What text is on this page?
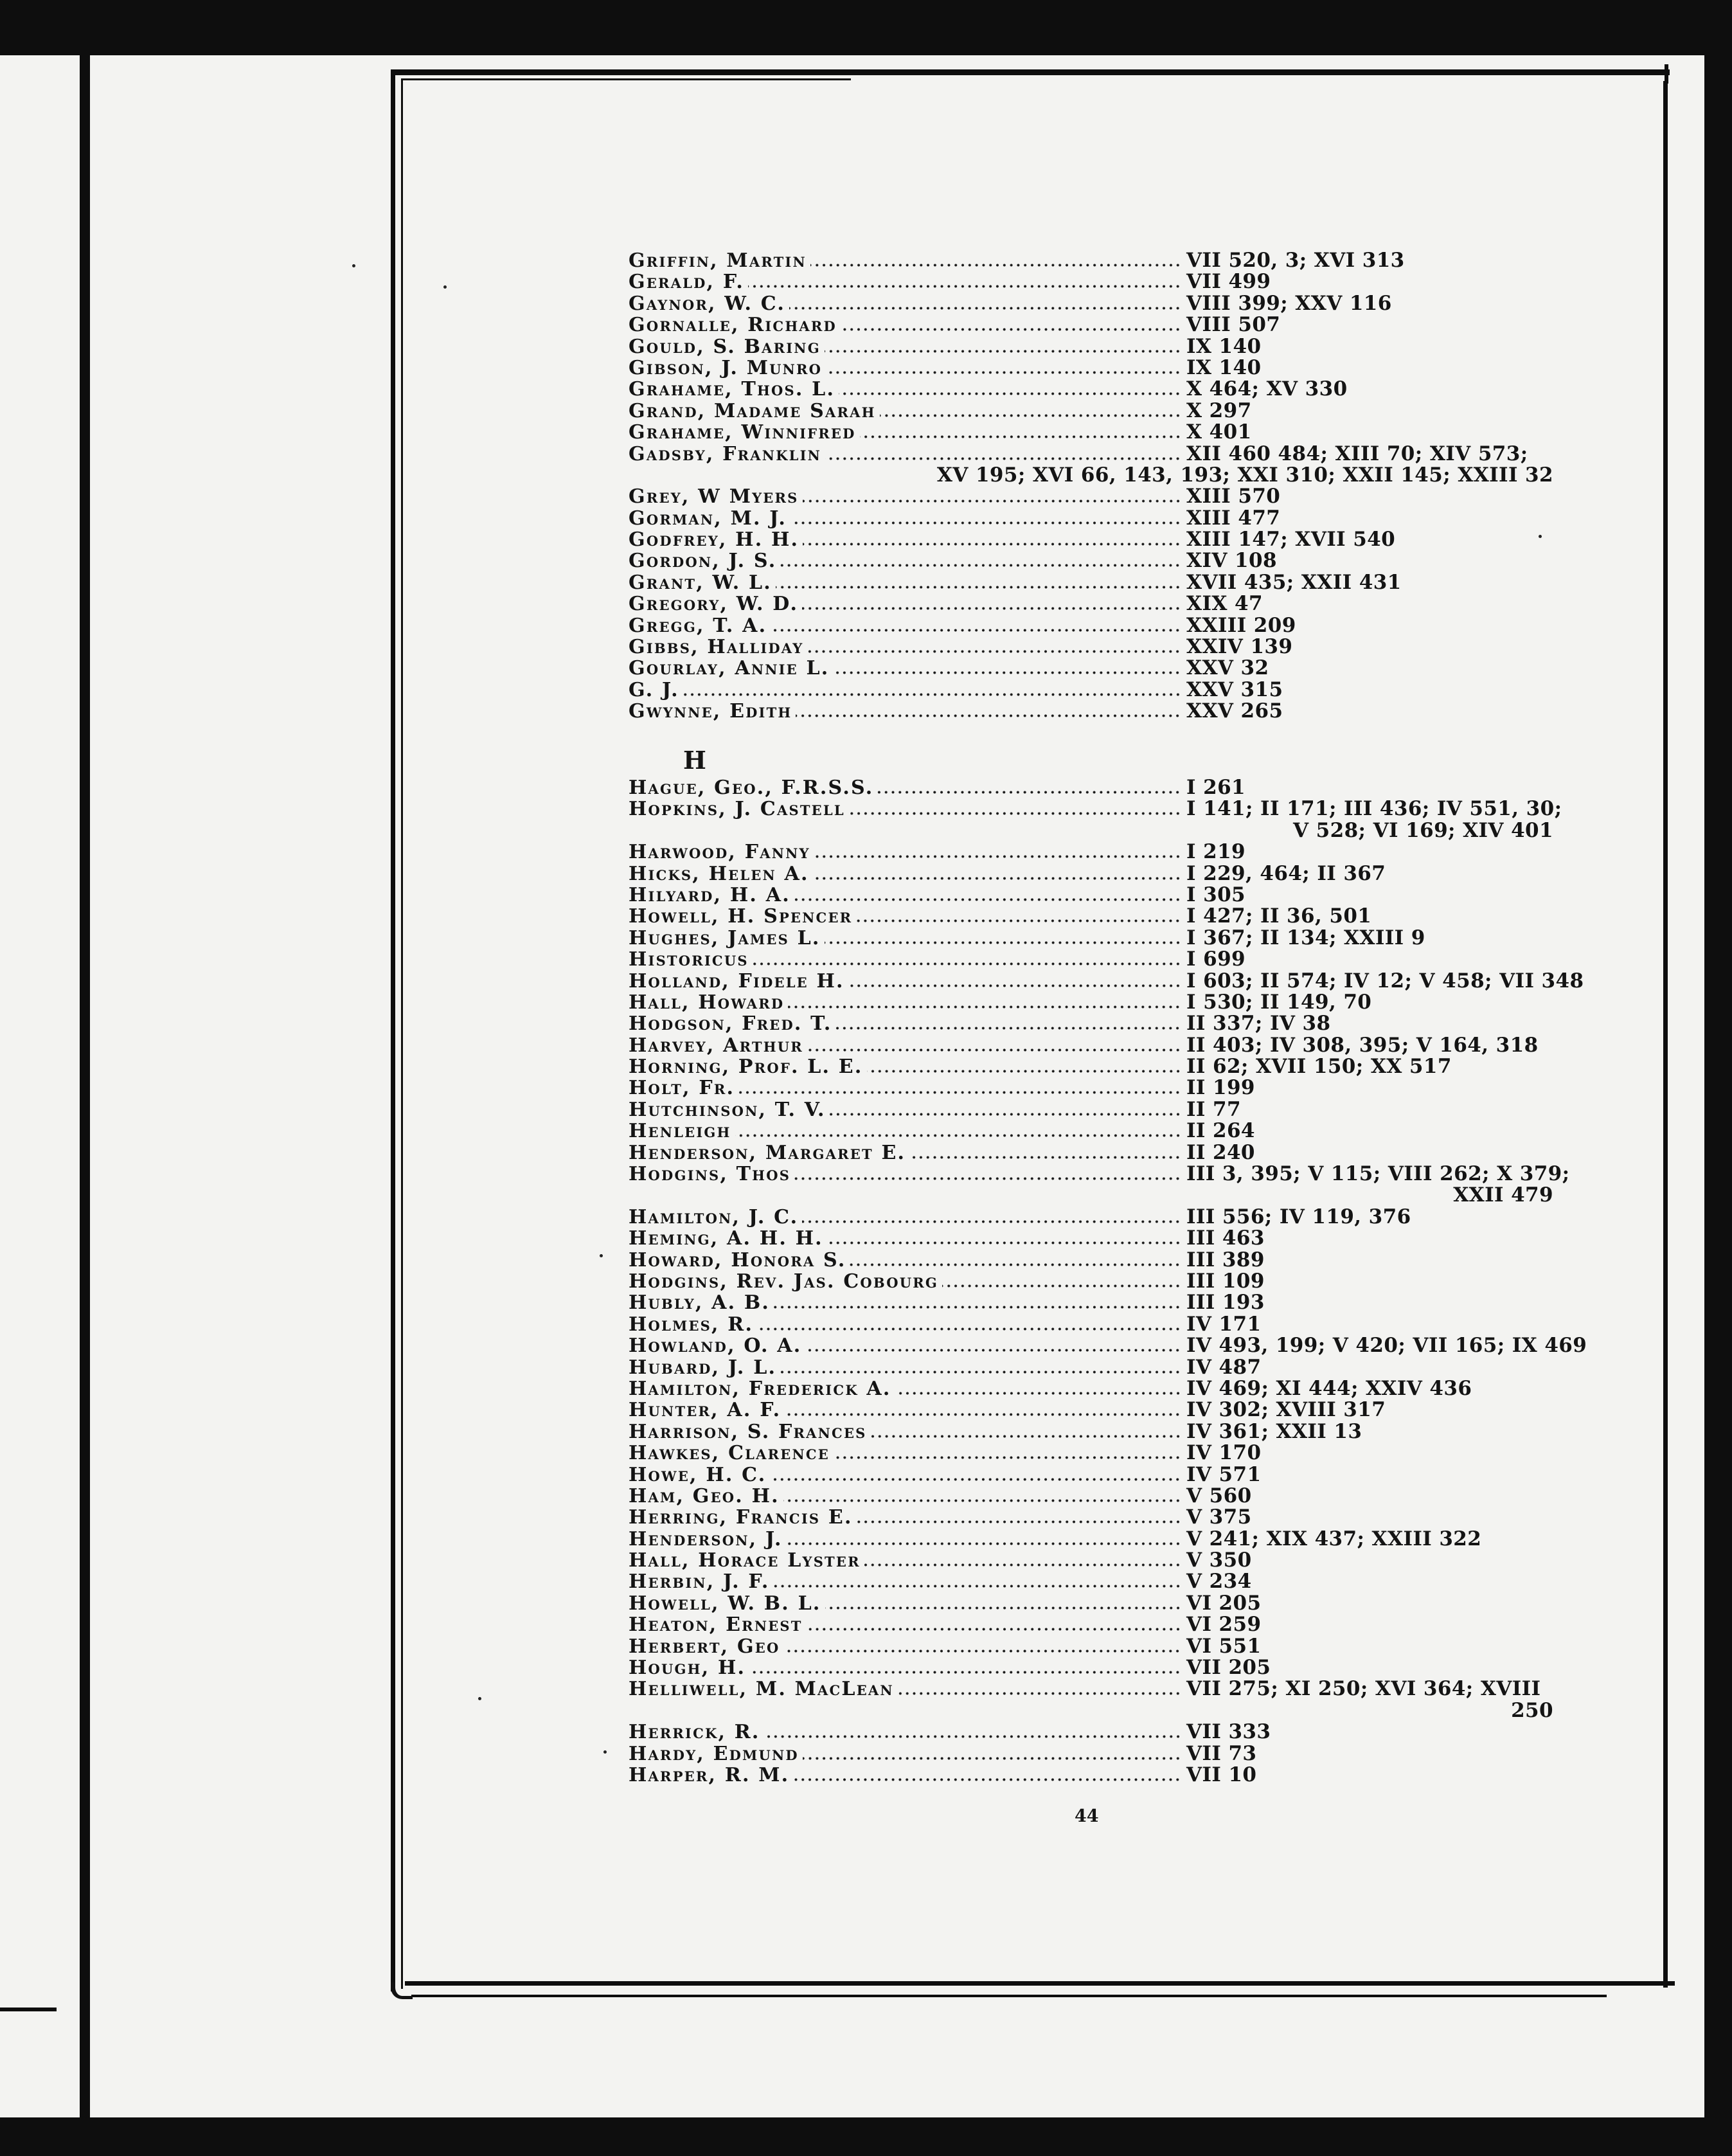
Griffin, Martin	VII 520, 3; XVI 313
Gerald, F.	VII 499
Gaynor, W. C.	VIII 399; XXV 116
Gornalle, Richard	VIII 507
Gould, S. Baring	IX 140
Gibson, J. Munro	IX 140
Grahame, Thos. L.	X 464; XV 330
Grand, Madame Sarah	X 297
Grahame, Winnifred	X 401
Gadsby, Franklin	XII 460 484; XIII 70; XIV 573;
XV 195; XVI 66, 143, 193; XXI 310; XXII 145; XXIII 32
Grey, W Myers	XIII 570
Gorman, M. J.	XIII 477
Godfrey, H. H.	XIII 147; XVII 540
Gordon, J. S.	XIV 108
Grant, W. L.	XVII 435; XXII 431
Gregory, W. D.	XIX 47
Gregg, T. A.	XXIII 209
Gibbs, Halliday	XXIV 139
Gourlay, Annie L.	XXV 32
G. J.	XXV 315
Gwynne, Edith	XXV 265
H
Hague, Geo., F.R.S.S.	I 261
Hopkins, J. Castell	I 141; II 171; III 436; IV 551, 30;
V 528; VI 169; XIV 401
Harwood, Fanny	I 219
Hicks, Helen A.	I 229, 464; II 367
Hilyard, H. A.	I 305
Howell, H. Spencer	I 427; II 36, 501
Hughes, James L.	I 367; II 134; XXIII 9
Historicus	I 699
Holland, Fidele H.	I 603; II 574; IV 12; V 458; VII 348
Hall, Howard	I 530; II 149, 70
Hodgson, Fred. T.	II 337; IV 38
Harvey, Arthur	II 403; IV 308, 395; V 164, 318
Horning, Prof. L. E.	II 62; XVII 150; XX 517
Holt, Fr.	II 199
Hutchinson, T. V.	II 77
Henleigh	II 264
Henderson, Margaret E.	II 240
Hodgins, Thos	III 3, 395; V 115; VIII 262; X 379;
XXII 479
Hamilton, J. C.	III 556; IV 119, 376
Heming, A. H. H.	III 463
Howard, Honora S.	III 389
Hodgins, Rev. Jas. Cobourg	III 109
Hubly, A. B.	III 193
Holmes, R.	IV 171
Howland, O. A.	IV 493, 199; V 420; VII 165; IX 469
Hubard, J. L.	IV 487
Hamilton, Frederick A.	IV 469; XI 444; XXIV 436
Hunter, A. F.	IV 302; XVIII 317
Harrison, S. Frances	IV 361; XXII 13
Hawkes, Clarence	IV 170
Howe, H. C.	IV 571
Ham, Geo. H.	V 560
Herring, Francis E.	V 375
Henderson, J.	V 241; XIX 437; XXIII 322
Hall, Horace Lyster	V 350
Herbin, J. F.	V 234
Howell, W. B. L.	VI 205
Heaton, Ernest	VI 259
Herbert, Geo	VI 551
Hough, H.	VII 205
Helliwell, M. MacLean	VII 275; XI 250; XVI 364; XVIII
250
Herrick, R.	VII 333
Hardy, Edmund	VII 73
Harper, R. M.	VII 10
44
